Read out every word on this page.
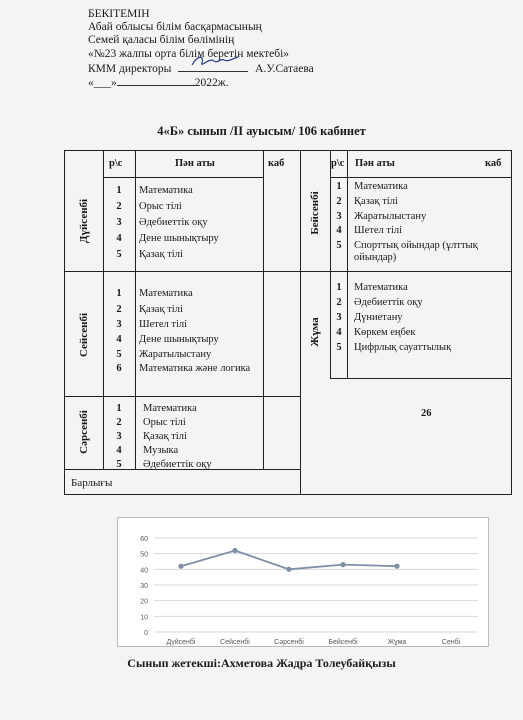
БЕКІТЕМІН
Абай облысы білім басқармасының
Семей қаласы білім бөлімінің
«№23 жалпы орта білім беретін мектебі»
КММ директоры	А.У.Сатаева
«___»	2022ж.
4«Б» сынып /II ауысым/ 106 кабинет
р\с	Пән аты	каб	р\с Пән аты	каб
Дүйсенбі
1	Математика
2	Орыс тілі
3	Әдебиеттік оқу
4	Дене шынықтыру
5	Қазақ тілі
Сейсенбі
1	Математика
2	Қазақ тілі
3	Шетел тілі
4	Дене шынықтыру
5	Жаратылыстану
6	Математика және логика
Сәрсенбі
1	Математика
2	Орыс тілі
3	Қазақ тілі
4	Музыка
5	Әдебиеттік оқу
Барлығы
26
Бейсенбі
1	Математика
2	Қазақ тілі
3	Жаратылыстану
4	Шетел тілі
5	Спорттық ойындар (ұлттық ойындар)
Жұма
1	Математика
2	Әдебиеттік оқу
3	Дүниетану
4	Көркем еңбек
5	Цифрлық сауаттылық
0
10
20
30
40
50
60
Дүйсенбі	Сейсенбі	Сәрсенбі	Бейсенбі	Жұма	Сенбі
Сынып жетекші:Ахметова Жадра Толеубайқызы
